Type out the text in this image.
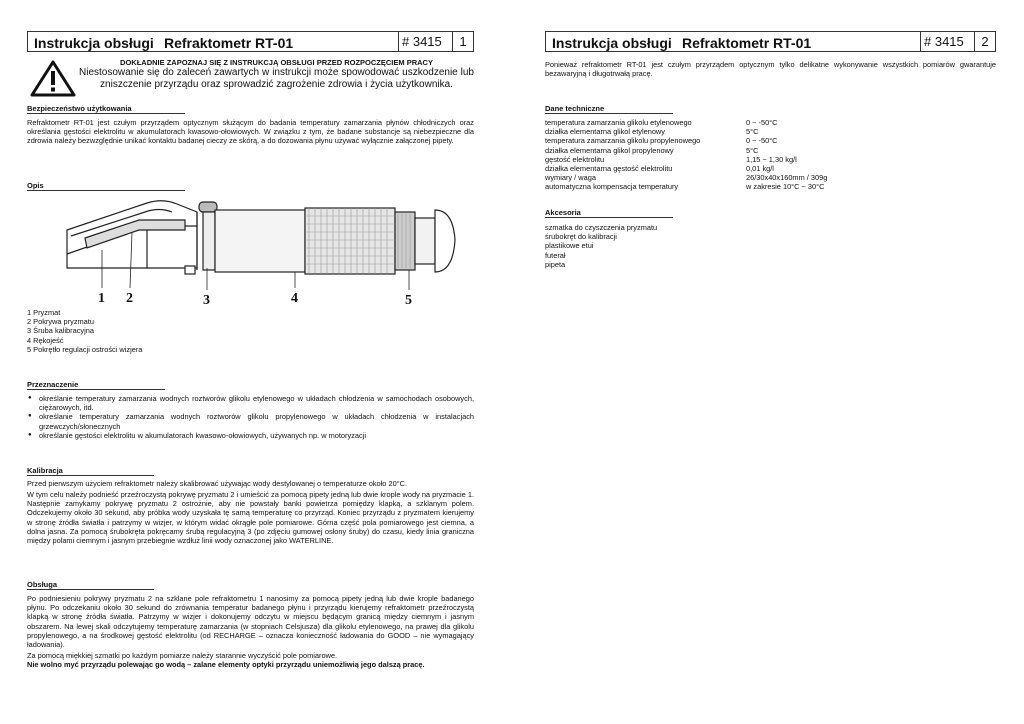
Instrukcja obsługi Refraktometr RT-01	# 3415	1
DOKŁADNIE ZAPOZNAJ SIĘ Z INSTRUKCJĄ OBSŁUGI PRZED ROZPOCZĘCIEM PRACY
Niestosowanie się do zaleceń zawartych w instrukcji może spowodować uszkodzenie lub zniszczenie przyrządu oraz sprowadzić zagrożenie zdrowia i życia użytkownika.
Bezpieczeństwo użytkowania
Refraktometr RT-01 jest czułym przyrządem optycznym służącym do badania temperatury zamarzania płynów chłodniczych oraz określania gęstości elektrolitu w akumulatorach kwasowo-ołowiowych. W związku z tym, że badane substancje są niebezpieczne dla zdrowia należy bezwzględnie unikać kontaktu badanej cieczy ze skórą, a do dozowania płynu używać wyłącznie załączonej pipety.
Opis
1 2	3	4	5
1 Pryzmat
2 Pokrywa pryzmatu
3 Śruba kalibracyjna
4 Rękojeść
5 Pokrętło regulacji ostrości wizjera
Przeznaczenie
● określanie temperatury zamarzania wodnych roztworów glikolu etylenowego w układach chłodzenia w samochodach osobowych, ciężarowych, itd.
● określanie temperatury zamarzania wodnych roztworów glikolu propylenowego w układach chłodzenia w instalacjach grzewczych/słonecznych
● określanie gęstości elektrolitu w akumulatorach kwasowo-ołowiowych, używanych np. w motoryzacji
Kalibracja
Przed pierwszym użyciem refraktometr należy skalibrować używając wody destylowanej o temperaturze około 20°C.
W tym celu należy podnieść przeźroczystą pokrywę pryzmatu 2 i umieścić za pomocą pipety jedną lub dwie krople wody na pryzmacie 1. Następnie zamykamy pokrywę pryzmatu 2 ostrożnie, aby nie powstały banki powietrza pomiędzy klapką, a szklanym polem. Odczekujemy około 30 sekund, aby próbka wody uzyskała tę samą temperaturę co przyrząd. Koniec przyrządu z pryzmatem kierujemy w stronę źródła światła i patrzymy w wizjer, w którym widać okrągłe pole pomiarowe. Górna część pola pomiarowego jest ciemna, a dolna jasna. Za pomocą śrubokręta pokręcamy śrubą regulacyjną 3 (po zdjęciu gumowej osłony śruby) do czasu, kiedy linia graniczna między polami ciemnym i jasnym przebiegnie wzdłuż linii wody oznaczonej jako WATERLINE.
Obsługa
Po podniesieniu pokrywy pryzmatu 2 na szklane pole refraktometru 1 nanosimy za pomocą pipety jedną lub dwie krople badanego płynu. Po odczekaniu około 30 sekund do zrównania temperatur badanego płynu i przyrządu kierujemy refraktometr przeźroczystą klapką w stronę źródła światła. Patrzymy w wizjer i dokonujemy odczytu w miejscu będącym granicą między ciemnym i jasnym obszarem. Na lewej skali odczytujemy temperaturę zamarzania (w stopniach Celsjusza) dla glikolu etylenowego, na prawej dla glikolu propylenowego, a na środkowej gęstość elektrolitu (od RECHARGE – oznacza konieczność ładowania do GOOD – nie wymagający ładowania).
Za pomocą miękkiej szmatki po każdym pomiarze należy starannie wyczyścić pole pomiarowe.
Nie wolno myć przyrządu polewając go wodą – zalane elementy optyki przyrządu uniemożliwią jego dalszą pracę.
Instrukcja obsługi Refraktometr RT-01	# 3415	2
Ponieważ refraktometr RT-01 jest czułym przyrządem optycznym tylko delikatne wykonywanie wszystkich pomiarów gwarantuje bezawaryjną i długotrwałą pracę.
Dane techniczne
temperatura zamarzania glikolu etylenowego	0 ~ -50°C
działka elementarna glikol etylenowy	5°C
temperatura zamarzania glikolu propylenowego	0 ~ -50°C
działka elementarna glikol propylenowy	5°C
gęstość elektrolitu	1,15 ~ 1,30 kg/l
działka elementarna gęstość elektrolitu	0,01 kg/l
wymiary / waga	26/30x40x160mm / 309g
automatyczna kompensacja temperatury	w zakresie 10°C ~ 30°C
Akcesoria
szmatka do czyszczenia pryzmatu
śrubokręt do kalibracji
plastikowe etui
futerał
pipeta
